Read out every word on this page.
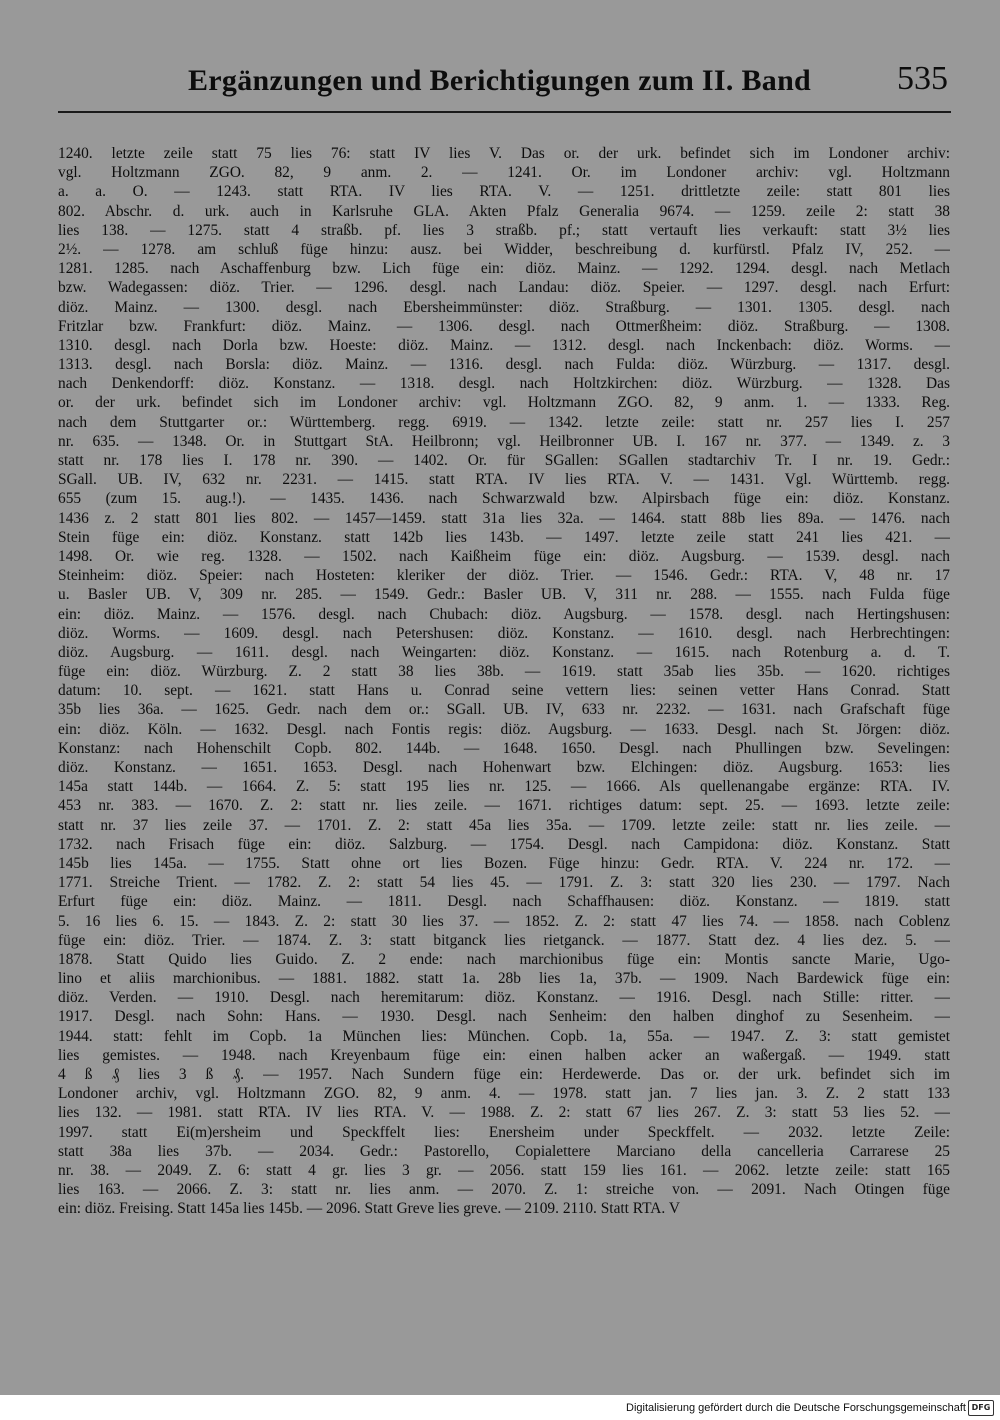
Ergänzungen und Berichtigungen zum II. Band	535
1240. letzte zeile statt 75 lies 76: statt IV lies V. Das or. der urk. befindet sich im Londoner archiv:
vgl. Holtzmann ZGO. 82, 9 anm. 2. — 1241. Or. im Londoner archiv: vgl. Holtzmann
a. a. O. — 1243. statt RTA. IV lies RTA. V. — 1251. drittletzte zeile: statt 801 lies
802. Abschr. d. urk. auch in Karlsruhe GLA. Akten Pfalz Generalia 9674. — 1259. zeile 2: statt 38
lies 138. — 1275. statt 4 straßb. pf. lies 3 straßb. pf.; statt vertauft lies verkauft: statt 3½ lies
2½. — 1278. am schluß füge hinzu: ausz. bei Widder, beschreibung d. kurfürstl. Pfalz IV, 252. —
1281. 1285. nach Aschaffenburg bzw. Lich füge ein: diöz. Mainz. — 1292. 1294. desgl. nach Metlach
bzw. Wadegassen: diöz. Trier. — 1296. desgl. nach Landau: diöz. Speier. — 1297. desgl. nach Erfurt:
diöz. Mainz. — 1300. desgl. nach Ebersheimmünster: diöz. Straßburg. — 1301. 1305. desgl. nach
Fritzlar bzw. Frankfurt: diöz. Mainz. — 1306. desgl. nach Ottmerßheim: diöz. Straßburg. — 1308.
1310. desgl. nach Dorla bzw. Hoeste: diöz. Mainz. — 1312. desgl. nach Inckenbach: diöz. Worms. —
1313. desgl. nach Borsla: diöz. Mainz. — 1316. desgl. nach Fulda: diöz. Würzburg. — 1317. desgl.
nach Denkendorff: diöz. Konstanz. — 1318. desgl. nach Holtzkirchen: diöz. Würzburg. — 1328. Das
or. der urk. befindet sich im Londoner archiv: vgl. Holtzmann ZGO. 82, 9 anm. 1. — 1333. Reg.
nach dem Stuttgarter or.: Württemberg. regg. 6919. — 1342. letzte zeile: statt nr. 257 lies I. 257
nr. 635. — 1348. Or. in Stuttgart StA. Heilbronn; vgl. Heilbronner UB. I. 167 nr. 377. — 1349. z. 3
statt nr. 178 lies I. 178 nr. 390. — 1402. Or. für SGallen: SGallen stadtarchiv Tr. I nr. 19. Gedr.:
SGall. UB. IV, 632 nr. 2231. — 1415. statt RTA. IV lies RTA. V. — 1431. Vgl. Württemb. regg.
655 (zum 15. aug.!). — 1435. 1436. nach Schwarzwald bzw. Alpirsbach füge ein: diöz. Konstanz.
1436 z. 2 statt 801 lies 802. — 1457—1459. statt 31a lies 32a. — 1464. statt 88b lies 89a. — 1476. nach
Stein füge ein: diöz. Konstanz. statt 142b lies 143b. — 1497. letzte zeile statt 241 lies 421. —
1498. Or. wie reg. 1328. — 1502. nach Kaißheim füge ein: diöz. Augsburg. — 1539. desgl. nach
Steinheim: diöz. Speier: nach Hosteten: kleriker der diöz. Trier. — 1546. Gedr.: RTA. V, 48 nr. 17
u. Basler UB. V, 309 nr. 285. — 1549. Gedr.: Basler UB. V, 311 nr. 288. — 1555. nach Fulda füge
ein: diöz. Mainz. — 1576. desgl. nach Chubach: diöz. Augsburg. — 1578. desgl. nach Hertingshusen:
diöz. Worms. — 1609. desgl. nach Petershusen: diöz. Konstanz. — 1610. desgl. nach Herbrechtingen:
diöz. Augsburg. — 1611. desgl. nach Weingarten: diöz. Konstanz. — 1615. nach Rotenburg a. d. T.
füge ein: diöz. Würzburg. Z. 2 statt 38 lies 38b. — 1619. statt 35ab lies 35b. — 1620. richtiges
datum: 10. sept. — 1621. statt Hans u. Conrad seine vettern lies: seinen vetter Hans Conrad. Statt
35b lies 36a. — 1625. Gedr. nach dem or.: SGall. UB. IV, 633 nr. 2232. — 1631. nach Grafschaft füge
ein: diöz. Köln. — 1632. Desgl. nach Fontis regis: diöz. Augsburg. — 1633. Desgl. nach St. Jörgen: diöz.
Konstanz: nach Hohenschilt Copb. 802. 144b. — 1648. 1650. Desgl. nach Phullingen bzw. Sevelingen:
diöz. Konstanz. — 1651. 1653. Desgl. nach Hohenwart bzw. Elchingen: diöz. Augsburg. 1653: lies
145a statt 144b. — 1664. Z. 5: statt 195 lies nr. 125. — 1666. Als quellenangabe ergänze: RTA. IV.
453 nr. 383. — 1670. Z. 2: statt nr. lies zeile. — 1671. richtiges datum: sept. 25. — 1693. letzte zeile:
statt nr. 37 lies zeile 37. — 1701. Z. 2: statt 45a lies 35a. — 1709. letzte zeile: statt nr. lies zeile. —
1732. nach Frisach füge ein: diöz. Salzburg. — 1754. Desgl. nach Campidona: diöz. Konstanz. Statt
145b lies 145a. — 1755. Statt ohne ort lies Bozen. Füge hinzu: Gedr. RTA. V. 224 nr. 172. —
1771. Streiche Trient. — 1782. Z. 2: statt 54 lies 45. — 1791. Z. 3: statt 320 lies 230. — 1797. Nach
Erfurt füge ein: diöz. Mainz. — 1811. Desgl. nach Schaffhausen: diöz. Konstanz. — 1819. statt
5. 16 lies 6. 15. — 1843. Z. 2: statt 30 lies 37. — 1852. Z. 2: statt 47 lies 74. — 1858. nach Coblenz
füge ein: diöz. Trier. — 1874. Z. 3: statt bitganck lies rietganck. — 1877. Statt dez. 4 lies dez. 5. —
1878. Statt Quido lies Guido. Z. 2 ende: nach marchionibus füge ein: Montis sancte Marie, Ugo-
lino et aliis marchionibus. — 1881. 1882. statt 1a. 28b lies 1a, 37b. — 1909. Nach Bardewick füge ein:
diöz. Verden. — 1910. Desgl. nach heremitarum: diöz. Konstanz. — 1916. Desgl. nach Stille: ritter. —
1917. Desgl. nach Sohn: Hans. — 1930. Desgl. nach Senheim: den halben dinghof zu Sesenheim. —
1944. statt: fehlt im Copb. 1a München lies: München. Copb. 1a, 55a. — 1947. Z. 3: statt gemistet
lies gemistes. — 1948. nach Kreyenbaum füge ein: einen halben acker an waßergaß. — 1949. statt
4 ß ₰ lies 3 ß ₰. — 1957. Nach Sundern füge ein: Herdewerde. Das or. der urk. befindet sich im
Londoner archiv, vgl. Holtzmann ZGO. 82, 9 anm. 4. — 1978. statt jan. 7 lies jan. 3. Z. 2 statt 133
lies 132. — 1981. statt RTA. IV lies RTA. V. — 1988. Z. 2: statt 67 lies 267. Z. 3: statt 53 lies 52. —
1997. statt Ei(m)ersheim und Speckffelt lies: Enersheim under Speckffelt. — 2032. letzte Zeile:
statt 38a lies 37b. — 2034. Gedr.: Pastorello, Copialettere Marciano della cancelleria Carrarese 25
nr. 38. — 2049. Z. 6: statt 4 gr. lies 3 gr. — 2056. statt 159 lies 161. — 2062. letzte zeile: statt 165
lies 163. — 2066. Z. 3: statt nr. lies anm. — 2070. Z. 1: streiche von. — 2091. Nach Otingen füge
ein: diöz. Freising. Statt 145a lies 145b. — 2096. Statt Greve lies greve. — 2109. 2110. Statt RTA. V
Digitalisierung gefördert durch die Deutsche Forschungsgemeinschaft DFG
